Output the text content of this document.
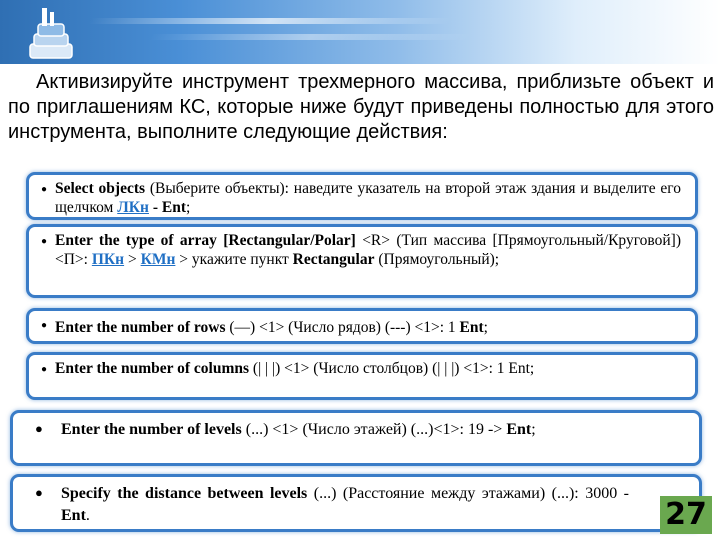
Активизируйте инструмент трехмерного массива, приблизьте объект и по приглашениям КС, которые ниже будут приведены полностью для этого инструмента, выполните следующие действия:

● Select objects (Выберите объекты): наведите указатель на второй этаж здания и выделите его щелчком ЛКн - Ent;
● Enter the type of array [Rectangular/Polar] <R> (Тип массива [Прямоугольный/Круговой]) <П>: ПКн > КМн > укажите пункт Rectangular (Прямоугольный);
● Enter the number of rows (—) <1> (Число рядов) (---) <1>: 1 Ent;
● Enter the number of columns (| | |) <1> (Число столбцов) (| | |) <1>: 1 Ent;
● Enter the number of levels (...) <1> (Число этажей) (...)<1>: 19 -> Ent;
● Specify the distance between levels (...) (Расстояние между этажами) (...): 3000 - Ent.	27
